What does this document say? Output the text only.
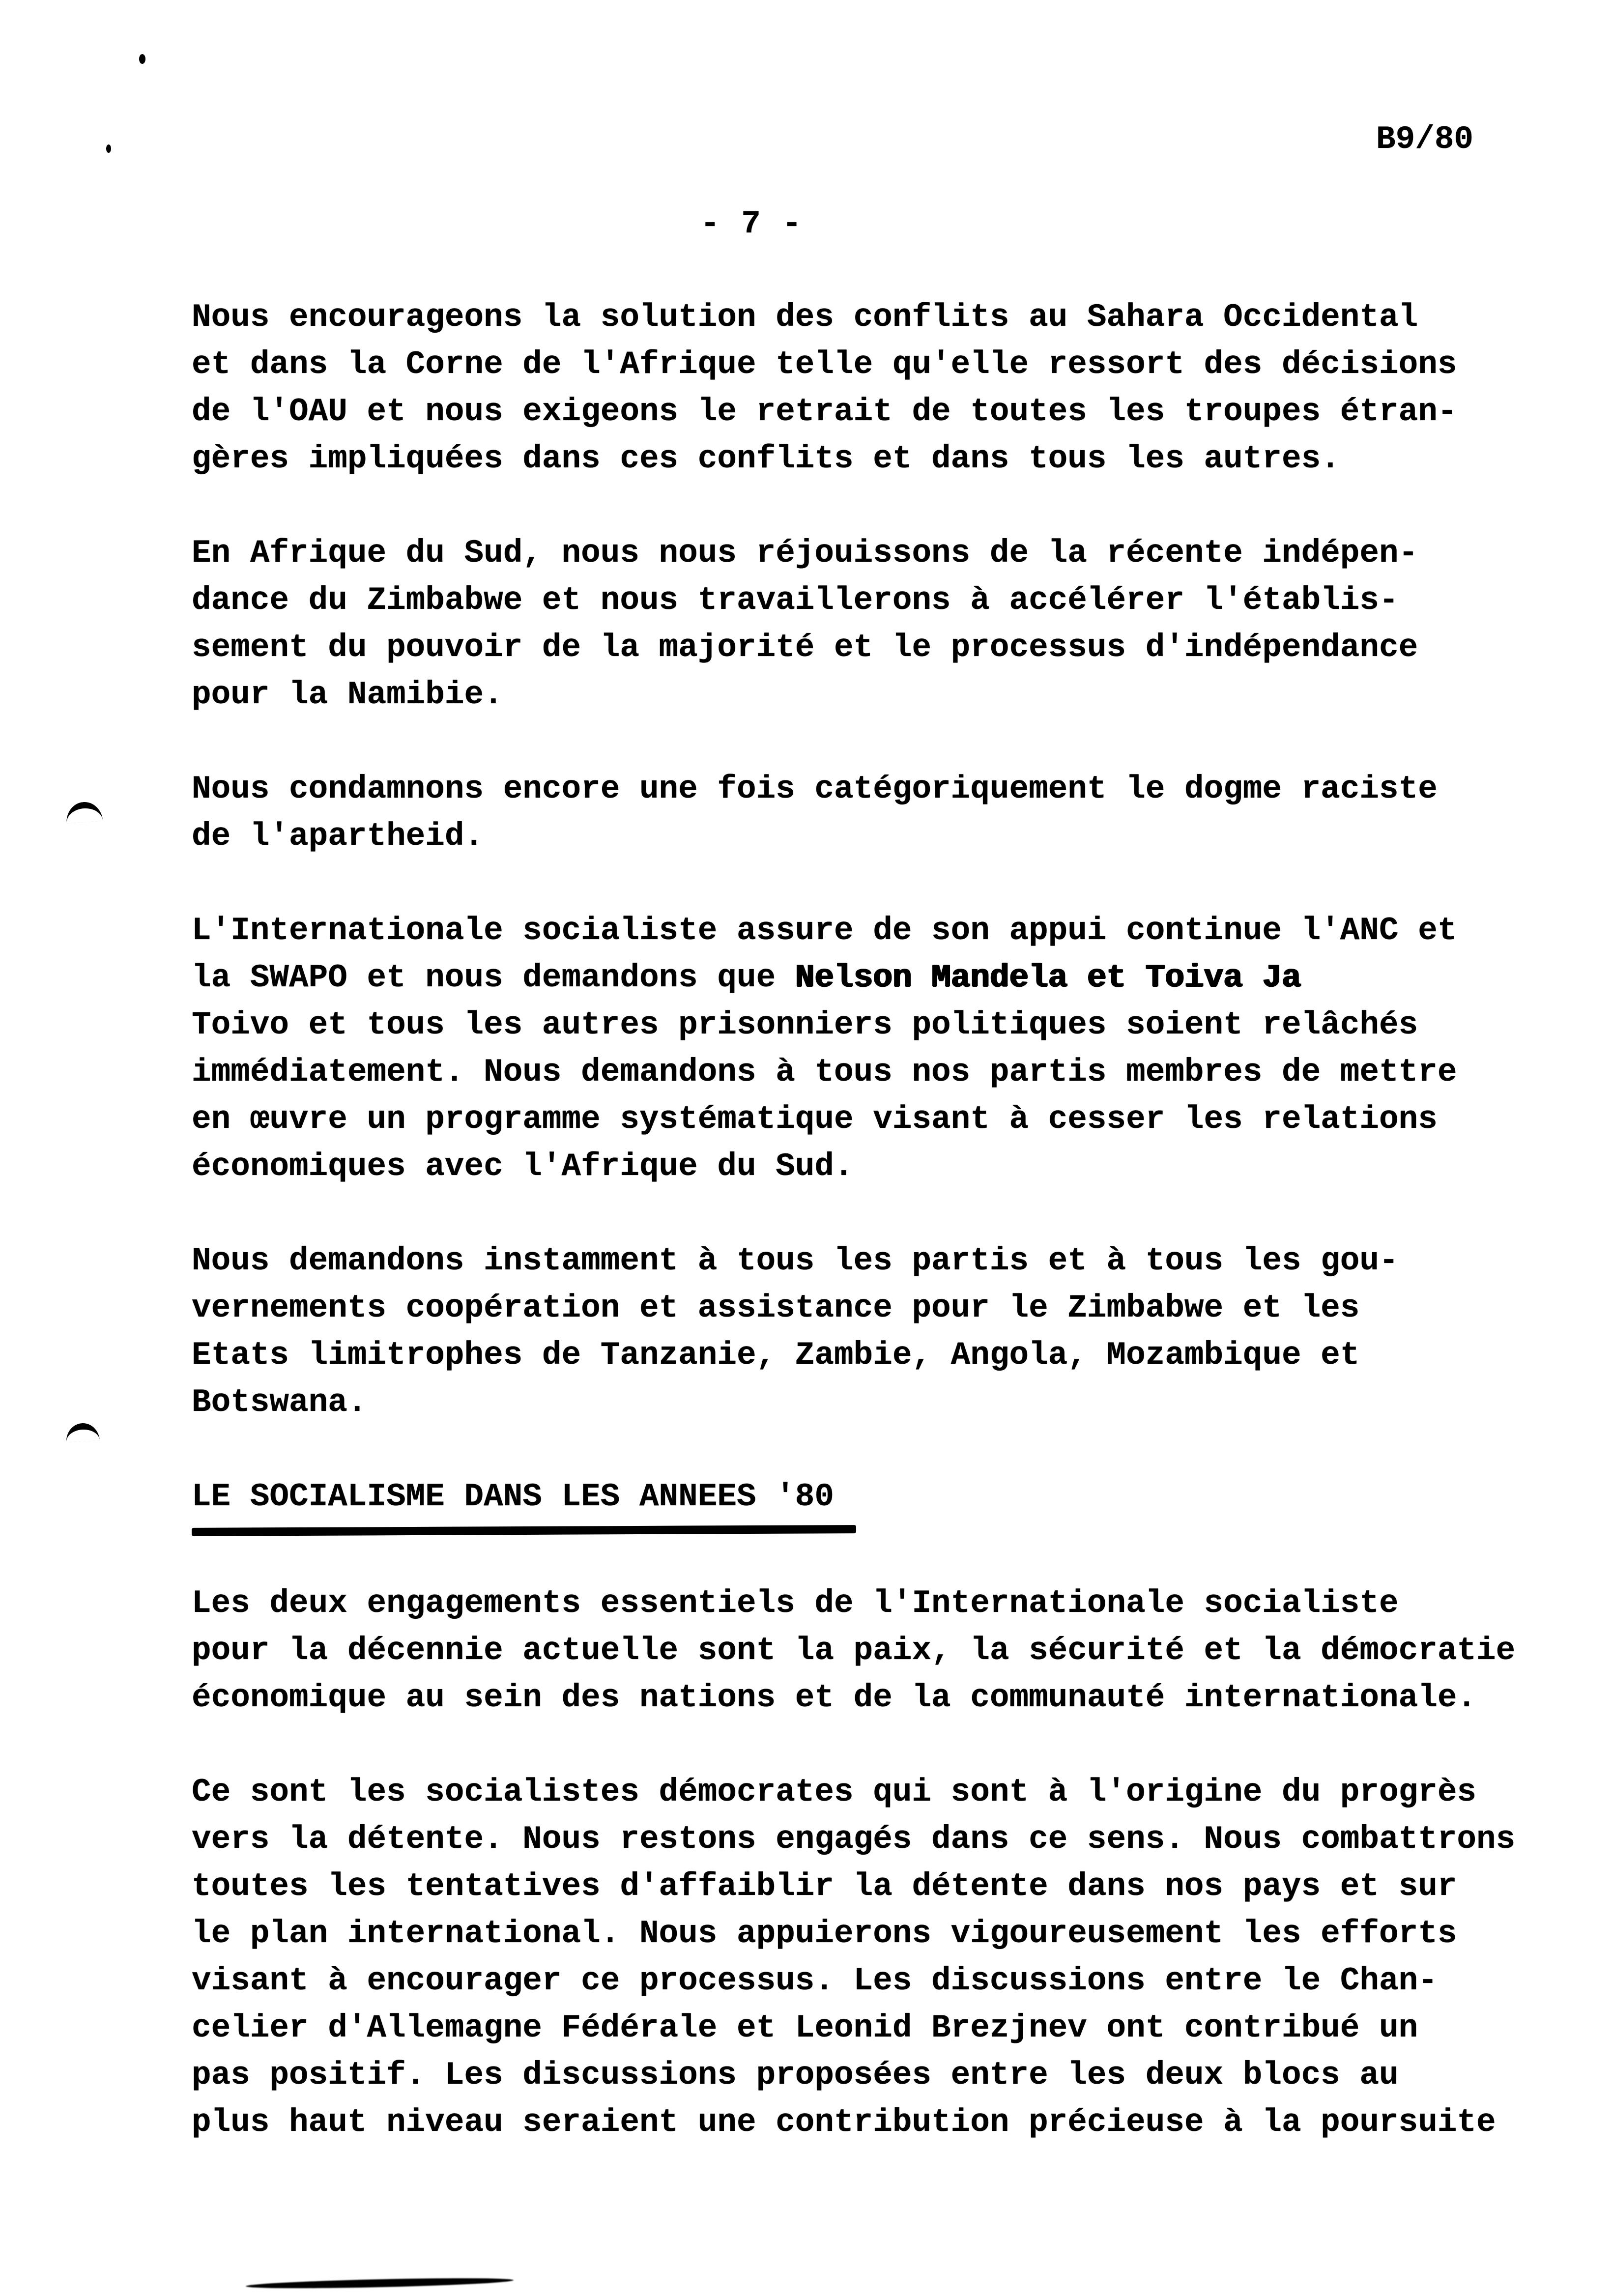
B9/80
- 7 -

Nous encourageons la solution des conflits au Sahara Occidental
et dans la Corne de l'Afrique telle qu'elle ressort des décisions
de l'OAU et nous exigeons le retrait de toutes les troupes étran-
gères impliquées dans ces conflits et dans tous les autres.

En Afrique du Sud, nous nous réjouissons de la récente indépen-
dance du Zimbabwe et nous travaillerons à accélérer l'établis-
sement du pouvoir de la majorité et le processus d'indépendance
pour la Namibie.

Nous condamnons encore une fois catégoriquement le dogme raciste
de l'apartheid.

L'Internationale socialiste assure de son appui continue l'ANC et
la SWAPO et nous demandons que Nelson Mandela et Toiva Ja
Toivo et tous les autres prisonniers politiques soient relâchés
immédiatement. Nous demandons à tous nos partis membres de mettre
en œuvre un programme systématique visant à cesser les relations
économiques avec l'Afrique du Sud.

Nous demandons instamment à tous les partis et à tous les gou-
vernements coopération et assistance pour le Zimbabwe et les
Etats limitrophes de Tanzanie, Zambie, Angola, Mozambique et
Botswana.

LE SOCIALISME DANS LES ANNEES '80

Les deux engagements essentiels de l'Internationale socialiste
pour la décennie actuelle sont la paix, la sécurité et la démocratie
économique au sein des nations et de la communauté internationale.

Ce sont les socialistes démocrates qui sont à l'origine du progrès
vers la détente. Nous restons engagés dans ce sens. Nous combattrons
toutes les tentatives d'affaiblir la détente dans nos pays et sur
le plan international. Nous appuierons vigoureusement les efforts
visant à encourager ce processus. Les discussions entre le Chan-
celier d'Allemagne Fédérale et Leonid Brezjnev ont contribué un
pas positif. Les discussions proposées entre les deux blocs au
plus haut niveau seraient une contribution précieuse à la poursuite
